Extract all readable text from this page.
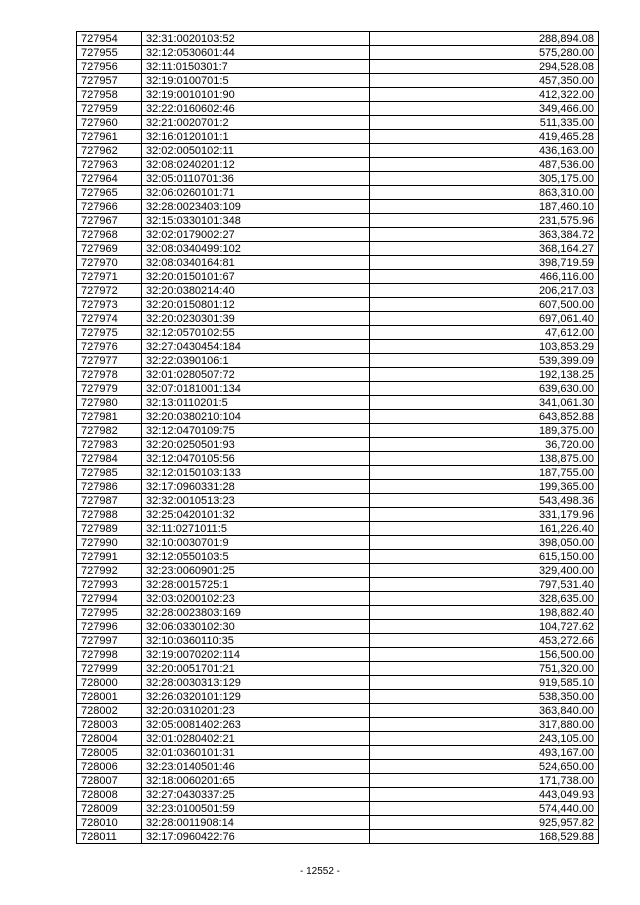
727954	32:31:0020103:52	288,894.08
727955	32:12:0530601:44	575,280.00
727956	32:11:0150301:7	294,528.08
727957	32:19:0100701:5	457,350.00
727958	32:19:0010101:90	412,322.00
727959	32:22:0160602:46	349,466.00
727960	32:21:0020701:2	511,335.00
727961	32:16:0120101:1	419,465.28
727962	32:02:0050102:11	436,163.00
727963	32:08:0240201:12	487,536.00
727964	32:05:0110701:36	305,175.00
727965	32:06:0260101:71	863,310.00
727966	32:28:0023403:109	187,460.10
727967	32:15:0330101:348	231,575.96
727968	32:02:0179002:27	363,384.72
727969	32:08:0340499:102	368,164.27
727970	32:08:0340164:81	398,719.59
727971	32:20:0150101:67	466,116.00
727972	32:20:0380214:40	206,217.03
727973	32:20:0150801:12	607,500.00
727974	32:20:0230301:39	697,061.40
727975	32:12:0570102:55	47,612.00
727976	32:27:0430454:184	103,853.29
727977	32:22:0390106:1	539,399.09
727978	32:01:0280507:72	192,138.25
727979	32:07:0181001:134	639,630.00
727980	32:13:0110201:5	341,061.30
727981	32:20:0380210:104	643,852.88
727982	32:12:0470109:75	189,375.00
727983	32:20:0250501:93	36,720.00
727984	32:12:0470105:56	138,875.00
727985	32:12:0150103:133	187,755.00
727986	32:17:0960331:28	199,365.00
727987	32:32:0010513:23	543,498.36
727988	32:25:0420101:32	331,179.96
727989	32:11:0271011:5	161,226.40
727990	32:10:0030701:9	398,050.00
727991	32:12:0550103:5	615,150.00
727992	32:23:0060901:25	329,400.00
727993	32:28:0015725:1	797,531.40
727994	32:03:0200102:23	328,635.00
727995	32:28:0023803:169	198,882.40
727996	32:06:0330102:30	104,727.62
727997	32:10:0360110:35	453,272.66
727998	32:19:0070202:114	156,500.00
727999	32:20:0051701:21	751,320.00
728000	32:28:0030313:129	919,585.10
728001	32:26:0320101:129	538,350.00
728002	32:20:0310201:23	363,840.00
728003	32:05:0081402:263	317,880.00
728004	32:01:0280402:21	243,105.00
728005	32:01:0360101:31	493,167.00
728006	32:23:0140501:46	524,650.00
728007	32:18:0060201:65	171,738.00
728008	32:27:0430337:25	443,049.93
728009	32:23:0100501:59	574,440.00
728010	32:28:0011908:14	925,957.82
728011	32:17:0960422:76	168,529.88
- 12552 -
